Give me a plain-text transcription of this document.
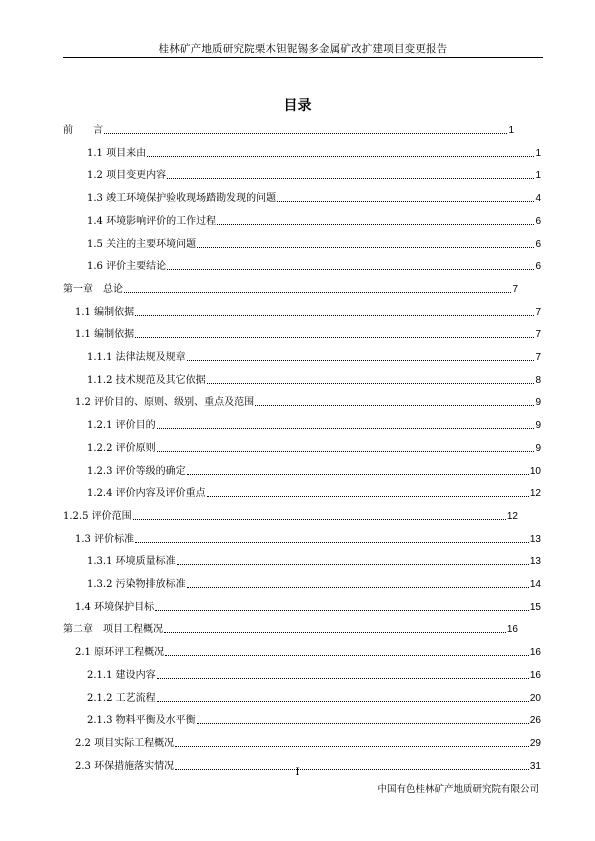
桂林矿产地质研究院栗木钽铌锡多金属矿改扩建项目变更报告
目录
前　　言	1
1.1 项目来由	1
1.2 项目变更内容	1
1.3 竣工环境保护验收现场踏勘发现的问题	4
1.4 环境影响评价的工作过程	6
1.5 关注的主要环境问题	6
1.6 评价主要结论	6
第一章　总论	7
1.1 编制依据	7
1.1 编制依据	7
1.1.1 法律法规及规章	7
1.1.2 技术规范及其它依据	8
1.2 评价目的、原则、级别、重点及范围	9
1.2.1 评价目的	9
1.2.2 评价原则	9
1.2.3 评价等级的确定	10
1.2.4 评价内容及评价重点	12
1.2.5 评价范围	12
1.3 评价标准	13
1.3.1 环境质量标准	13
1.3.2 污染物排放标准	14
1.4 环境保护目标	15
第二章　项目工程概况	16
2.1 原环评工程概况	16
2.1.1 建设内容	16
2.1.2 工艺流程	20
2.1.3 物料平衡及水平衡	26
2.2 项目实际工程概况	29
2.3 环保措施落实情况	31
I
中国有色桂林矿产地质研究院有限公司
